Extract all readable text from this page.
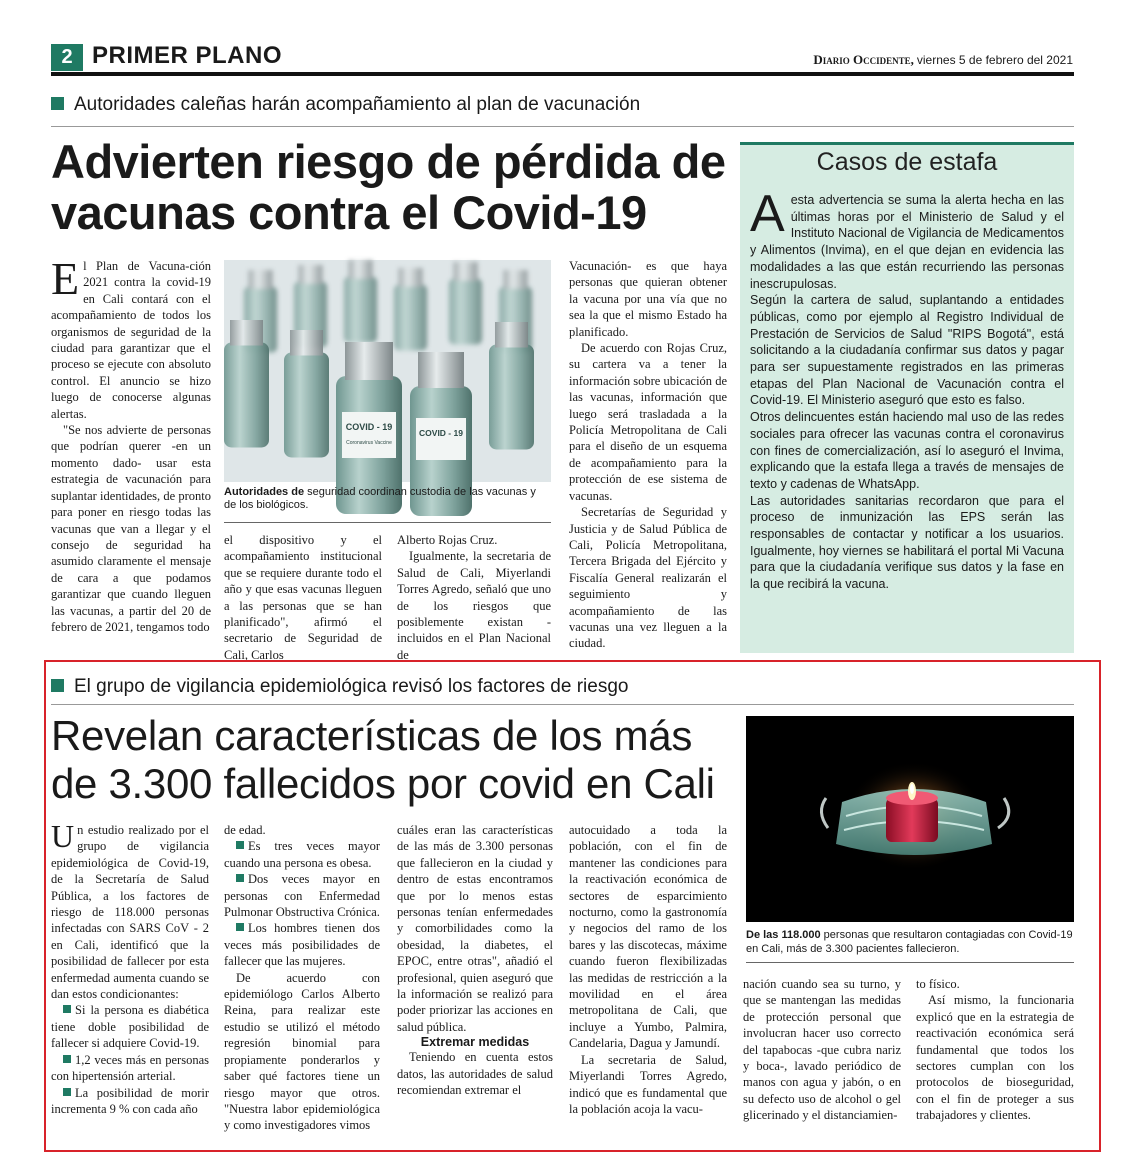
2 PRIMER PLANO	Diario Occidente, viernes 5 de febrero del 2021
Autoridades caleñas harán acompañamiento al plan de vacunación
Advierten riesgo de pérdida de vacunas contra el Covid-19

El Plan de Vacuna-ción 2021 contra la covid-19 en Cali contará con el acompañamiento de todos los organismos de seguridad de la ciudad para garantizar que el proceso se ejecute con absoluto control. El anuncio se hizo luego de conocerse algunas alertas.

"Se nos advierte de personas que podrían querer -en un momento dado- usar esta estrategia de vacunación para suplantar identidades, de pronto para poner en riesgo todas las vacunas que van a llegar y el consejo de seguridad ha asumido claramente el mensaje de cara a que podamos garantizar que cuando lleguen las vacunas, a partir del 20 de febrero de 2021, tengamos todo

COVID - 19
Coronavirus Vaccine
COVID - 19
Autoridades de seguridad coordinan custodia de las vacunas y de los biológicos.

el dispositivo y el acompañamiento institucional que se requiere durante todo el año y que esas vacunas lleguen a las personas que se han planificado", afirmó el secretario de Seguridad de Cali, Carlos

Alberto Rojas Cruz.

Igualmente, la secretaria de Salud de Cali, Miyerlandi Torres Agredo, señaló que uno de los riesgos que posiblemente existan -incluidos en el Plan Nacional de

Vacunación- es que haya personas que quieran obtener la vacuna por una vía que no sea la que el mismo Estado ha planificado.

De acuerdo con Rojas Cruz, su cartera va a tener la información sobre ubicación de las vacunas, información que luego será trasladada a la Policía Metropolitana de Cali para el diseño de un esquema de acompañamiento para la protección de ese sistema de vacunas.

Secretarías de Seguridad y Justicia y de Salud Pública de Cali, Policía Metropolitana, Tercera Brigada del Ejército y Fiscalía General realizarán el seguimiento y acompañamiento de las vacunas una vez lleguen a la ciudad.

Casos de estafa

Aesta advertencia se suma la alerta hecha en las últimas horas por el Ministerio de Salud y el Instituto Nacional de Vigilancia de Medicamentos y Alimentos (Invima), en el que dejan en evidencia las modalidades a las que están recurriendo las personas inescrupulosas.

Según la cartera de salud, suplantando a entidades públicas, como por ejemplo al Registro Individual de Prestación de Servicios de Salud "RIPS Bogotá", está solicitando a la ciudadanía confirmar sus datos y pagar para ser supuestamente registrados en las primeras etapas del Plan Nacional de Vacunación contra el Covid-19. El Ministerio aseguró que esto es falso.

Otros delincuentes están haciendo mal uso de las redes sociales para ofrecer las vacunas contra el coronavirus con fines de comercialización, así lo aseguró el Invima, explicando que la estafa llega a través de mensajes de texto y cadenas de WhatsApp.

Las autoridades sanitarias recordaron que para el proceso de inmunización las EPS serán las responsables de contactar y notificar a los usuarios. Igualmente, hoy viernes se habilitará el portal Mi Vacuna para que la ciudadanía verifique sus datos y la fase en la que recibirá la vacuna.

El grupo de vigilancia epidemiológica revisó los factores de riesgo
Revelan características de los más de 3.300 fallecidos por covid en Cali
De las 118.000 personas que resultaron contagiadas con Covid-19 en Cali, más de 3.300 pacientes fallecieron.

Un estudio realizado por el grupo de vigilancia epidemiológica de Covid-19, de la Secretaría de Salud Pública, a los factores de riesgo de 118.000 personas infectadas con SARS CoV - 2 en Cali, identificó que la posibilidad de fallecer por esta enfermedad aumenta cuando se dan estos condicionantes:

Si la persona es diabética tiene doble posibilidad de fallecer si adquiere Covid-19.

1,2 veces más en personas con hipertensión arterial.

La posibilidad de morir incrementa 9 % con cada año

de edad.

Es tres veces mayor cuando una persona es obesa.

Dos veces mayor en personas con Enfermedad Pulmonar Obstructiva Crónica.

Los hombres tienen dos veces más posibilidades de fallecer que las mujeres.

De acuerdo con epidemiólogo Carlos Alberto Reina, para realizar este estudio se utilizó el método regresión binomial para propiamente ponderarlos y saber qué factores tiene un riesgo mayor que otros. "Nuestra labor epidemiológica y como investigadores vimos

cuáles eran las características de las más de 3.300 personas que fallecieron en la ciudad y dentro de estas encontramos que por lo menos estas personas tenían enfermedades y comorbilidades como la obesidad, la diabetes, el EPOC, entre otras", añadió el profesional, quien aseguró que la información se realizó para poder priorizar las acciones en salud pública.

Extremar medidas

Teniendo en cuenta estos datos, las autoridades de salud recomiendan extremar el

autocuidado a toda la población, con el fin de mantener las condiciones para la reactivación económica de sectores de esparcimiento nocturno, como la gastronomía y negocios del ramo de los bares y las discotecas, máxime cuando fueron flexibilizadas las medidas de restricción a la movilidad en el área metropolitana de Cali, que incluye a Yumbo, Palmira, Candelaria, Dagua y Jamundí.

La secretaria de Salud, Miyerlandi Torres Agredo, indicó que es fundamental que la población acoja la vacu-

nación cuando sea su turno, y que se mantengan las medidas de protección personal que involucran hacer uso correcto del tapabocas -que cubra nariz y boca-, lavado periódico de manos con agua y jabón, o en su defecto uso de alcohol o gel glicerinado y el distanciamien-

to físico.

Así mismo, la funcionaria explicó que en la estrategia de reactivación económica será fundamental que todos los sectores cumplan con los protocolos de bioseguridad, con el fin de proteger a sus trabajadores y clientes.
